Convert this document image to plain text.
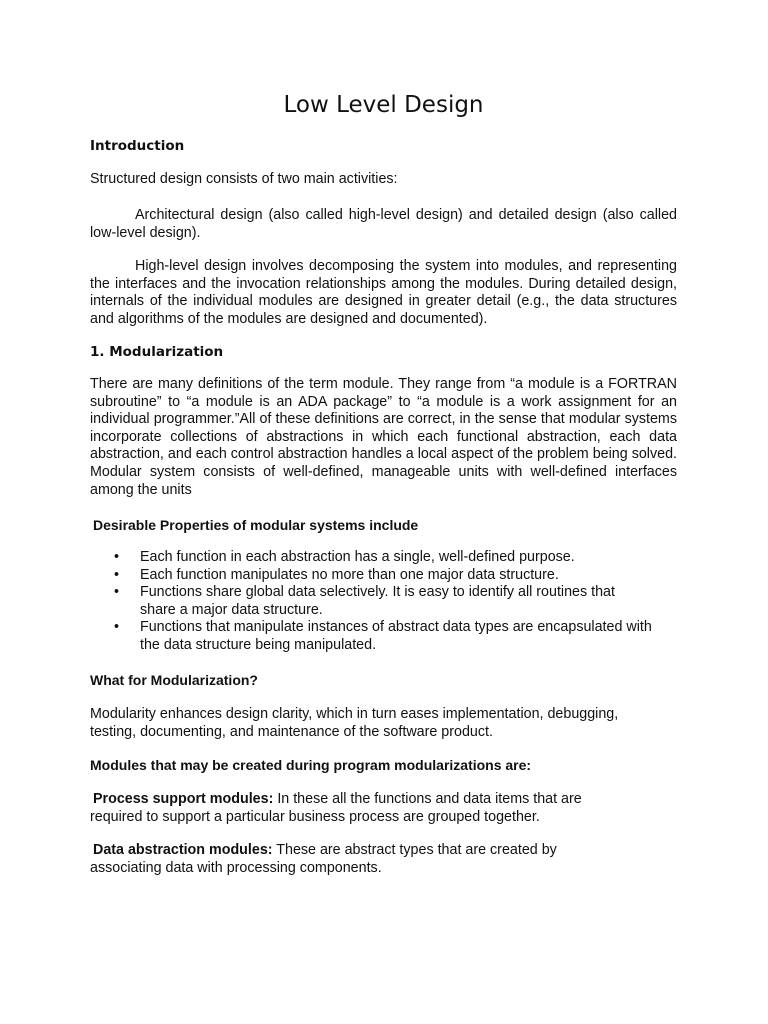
Low Level Design
Introduction

Structured design consists of two main activities:

Architectural design (also called high-level design) and detailed design (also called low-level design).

High-level design involves decomposing the system into modules, and representing the interfaces and the invocation relationships among the modules. During detailed design, internals of the individual modules are designed in greater detail (e.g., the data structures and algorithms of the modules are designed and documented).

1. Modularization

There are many definitions of the term module. They range from “a module is a FORTRAN subroutine” to “a module is an ADA package” to “a module is a work assignment for an individual programmer.”All of these definitions are correct, in the sense that modular systems incorporate collections of abstractions in which each functional abstraction, each data abstraction, and each control abstraction handles a local aspect of the problem being solved. Modular system consists of well-defined, manageable units with well-defined interfaces among the units

Desirable Properties of modular systems include
• Each function in each abstraction has a single, well-defined purpose.
• Each function manipulates no more than one major data structure.
• Functions share global data selectively. It is easy to identify all routines that share a major data structure.
• Functions that manipulate instances of abstract data types are encapsulated with the data structure being manipulated.
What for Modularization?

Modularity enhances design clarity, which in turn eases implementation, debugging, testing, documenting, and maintenance of the software product.

Modules that may be created during program modularizations are:

Process support modules: In these all the functions and data items that are required to support a particular business process are grouped together.

Data abstraction modules: These are abstract types that are created by associating data with processing components.
